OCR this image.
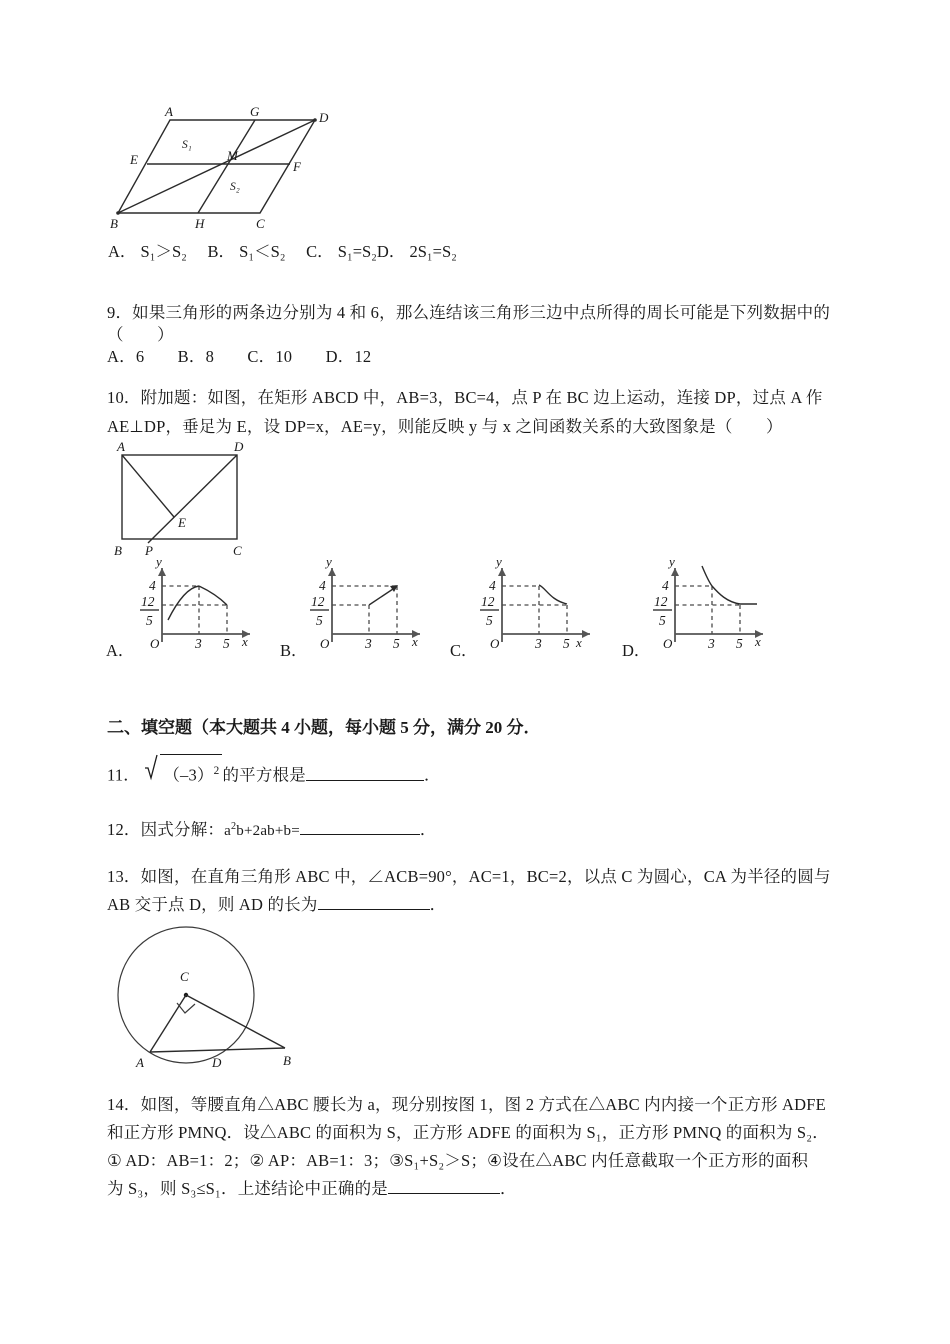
A	G	D
E	M
F
B	H	C
S₁
S₂
A． S₁＞S₂　 B． S₁＜S₂　 C． S₁=S₂D． 2S₁=S₂
9．如果三角形的两条边分别为 4 和 6，那么连结该三角形三边中点所得的周长可能是下列数据中的
（　　）
A．6　　B．8　　C．10　　D．12
10．附加题：如图，在矩形 ABCD 中，AB=3，BC=4，点 P 在 BC 边上运动，连接 DP，过点 A 作
AE⊥DP，垂足为 E，设 DP=x，AE=y，则能反映 y 与 x 之间函数关系的大致图象是（　　）
A	D
E
B P	C
4
12
5
O	3 5 x
y
A．
4
12
5
O	3 5 x
y
B．
4
12
5
O	3 5 x
y
C．
4
12
5
O	3 5 x
y
D．
二、填空题（本大题共 4 小题，每小题 5 分，满分 20 分．
11． $(-3)^2$ 的平方根是	．
12．因式分解：$a^2b+2ab+b=$	．
13．如图，在直角三角形 ABC 中，∠ACB=90°，AC=1，BC=2，以点 C 为圆心，CA 为半径的圆与
AB 交于点 D，则 AD 的长为	．
C
A	D	B
14．如图，等腰直角△ABC 腰长为 a，现分别按图 1，图 2 方式在△ABC 内内接一个正方形 ADFE
和正方形 PMNQ．设△ABC 的面积为 S，正方形 ADFE 的面积为 S₁，正方形 PMNQ 的面积为 S₂．
① AD：AB=1：2；② AP：AB=1：3；③S₁+S₂＞S；④设在△ABC 内任意截取一个正方形的面积
为 S₃，则 S₃≤S₁．上述结论中正确的是	．
